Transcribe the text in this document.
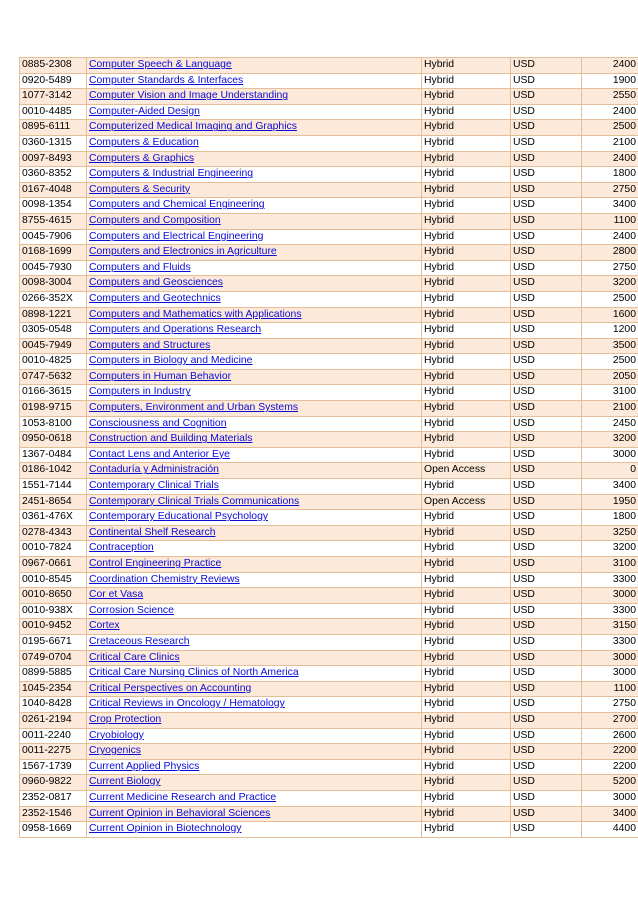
0885-2308	Computer Speech & Language	Hybrid	USD	2400
0920-5489	Computer Standards & Interfaces	Hybrid	USD	1900
1077-3142	Computer Vision and Image Understanding	Hybrid	USD	2550
0010-4485	Computer-Aided Design	Hybrid	USD	2400
0895-6111	Computerized Medical Imaging and Graphics	Hybrid	USD	2500
0360-1315	Computers & Education	Hybrid	USD	2100
0097-8493	Computers & Graphics	Hybrid	USD	2400
0360-8352	Computers & Industrial Engineering	Hybrid	USD	1800
0167-4048	Computers & Security	Hybrid	USD	2750
0098-1354	Computers and Chemical Engineering	Hybrid	USD	3400
8755-4615	Computers and Composition	Hybrid	USD	1100
0045-7906	Computers and Electrical Engineering	Hybrid	USD	2400
0168-1699	Computers and Electronics in Agriculture	Hybrid	USD	2800
0045-7930	Computers and Fluids	Hybrid	USD	2750
0098-3004	Computers and Geosciences	Hybrid	USD	3200
0266-352X	Computers and Geotechnics	Hybrid	USD	2500
0898-1221	Computers and Mathematics with Applications	Hybrid	USD	1600
0305-0548	Computers and Operations Research	Hybrid	USD	1200
0045-7949	Computers and Structures	Hybrid	USD	3500
0010-4825	Computers in Biology and Medicine	Hybrid	USD	2500
0747-5632	Computers in Human Behavior	Hybrid	USD	2050
0166-3615	Computers in Industry	Hybrid	USD	3100
0198-9715	Computers, Environment and Urban Systems	Hybrid	USD	2100
1053-8100	Consciousness and Cognition	Hybrid	USD	2450
0950-0618	Construction and Building Materials	Hybrid	USD	3200
1367-0484	Contact Lens and Anterior Eye	Hybrid	USD	3000
0186-1042	Contaduría y Administración	Open Access	USD	0
1551-7144	Contemporary Clinical Trials	Hybrid	USD	3400
2451-8654	Contemporary Clinical Trials Communications	Open Access	USD	1950
0361-476X	Contemporary Educational Psychology	Hybrid	USD	1800
0278-4343	Continental Shelf Research	Hybrid	USD	3250
0010-7824	Contraception	Hybrid	USD	3200
0967-0661	Control Engineering Practice	Hybrid	USD	3100
0010-8545	Coordination Chemistry Reviews	Hybrid	USD	3300
0010-8650	Cor et Vasa	Hybrid	USD	3000
0010-938X	Corrosion Science	Hybrid	USD	3300
0010-9452	Cortex	Hybrid	USD	3150
0195-6671	Cretaceous Research	Hybrid	USD	3300
0749-0704	Critical Care Clinics	Hybrid	USD	3000
0899-5885	Critical Care Nursing Clinics of North America	Hybrid	USD	3000
1045-2354	Critical Perspectives on Accounting	Hybrid	USD	1100
1040-8428	Critical Reviews in Oncology / Hematology	Hybrid	USD	2750
0261-2194	Crop Protection	Hybrid	USD	2700
0011-2240	Cryobiology	Hybrid	USD	2600
0011-2275	Cryogenics	Hybrid	USD	2200
1567-1739	Current Applied Physics	Hybrid	USD	2200
0960-9822	Current Biology	Hybrid	USD	5200
2352-0817	Current Medicine Research and Practice	Hybrid	USD	3000
2352-1546	Current Opinion in Behavioral Sciences	Hybrid	USD	3400
0958-1669	Current Opinion in Biotechnology	Hybrid	USD	4400
